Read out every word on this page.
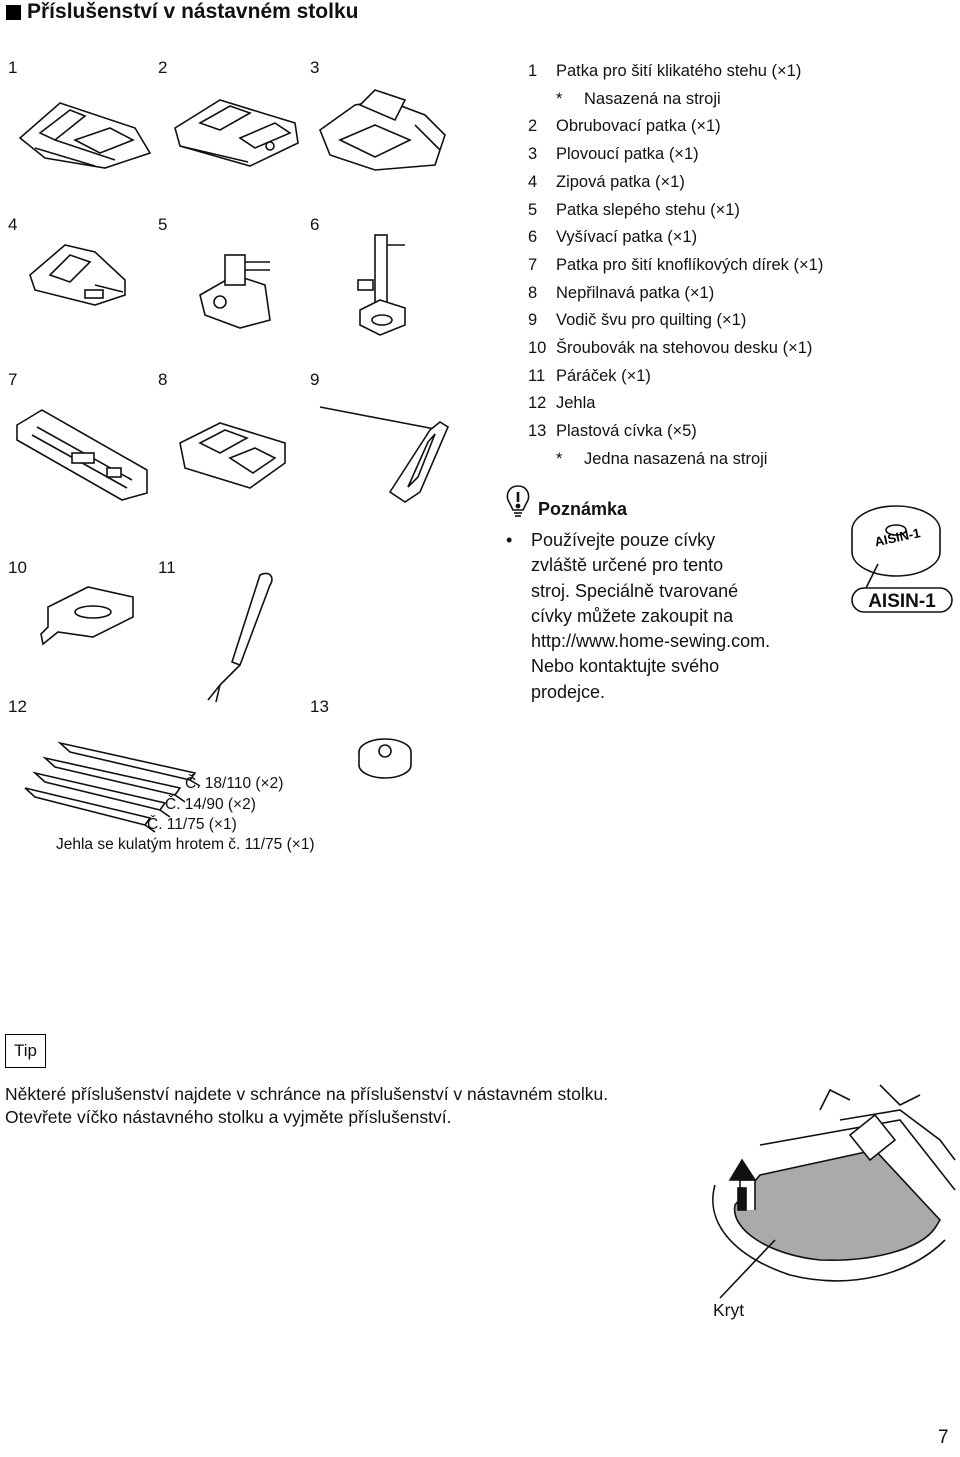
Příslušenství v nástavném stolku
1	2	3
4	5	6
7	8	9
10	11
12	13
Č. 18/110 (×2)
Č. 14/90 (×2)
Č. 11/75 (×1)
Jehla se kulatým hrotem č. 11/75 (×1)
1	Patka pro šití klikatého stehu (×1)
*	Nasazená na stroji
2	Obrubovací patka (×1)
3	Plovoucí patka (×1)
4	Zipová patka (×1)
5	Patka slepého stehu (×1)
6	Vyšívací patka (×1)
7	Patka pro šití knoflíkových dírek (×1)
8	Nepřilnavá patka (×1)
9	Vodič švu pro quilting (×1)
10 Šroubovák na stehovou desku (×1)
11 Páráček (×1)
12 Jehla
13 Plastová cívka (×5)
*	Jedna nasazená na stroji
Poznámka
• Používejte pouze cívky
zvláště určené pro tento
stroj. Speciálně tvarované
cívky můžete zakoupit na
http://www.home-sewing.com.
Nebo kontaktujte svého
prodejce.
AISIN-1
AISIN-1
Tip
Některé příslušenství najdete v schránce na příslušenství v nástavném stolku.
Otevřete víčko nástavného stolku a vyjměte příslušenství.
Kryt
7
